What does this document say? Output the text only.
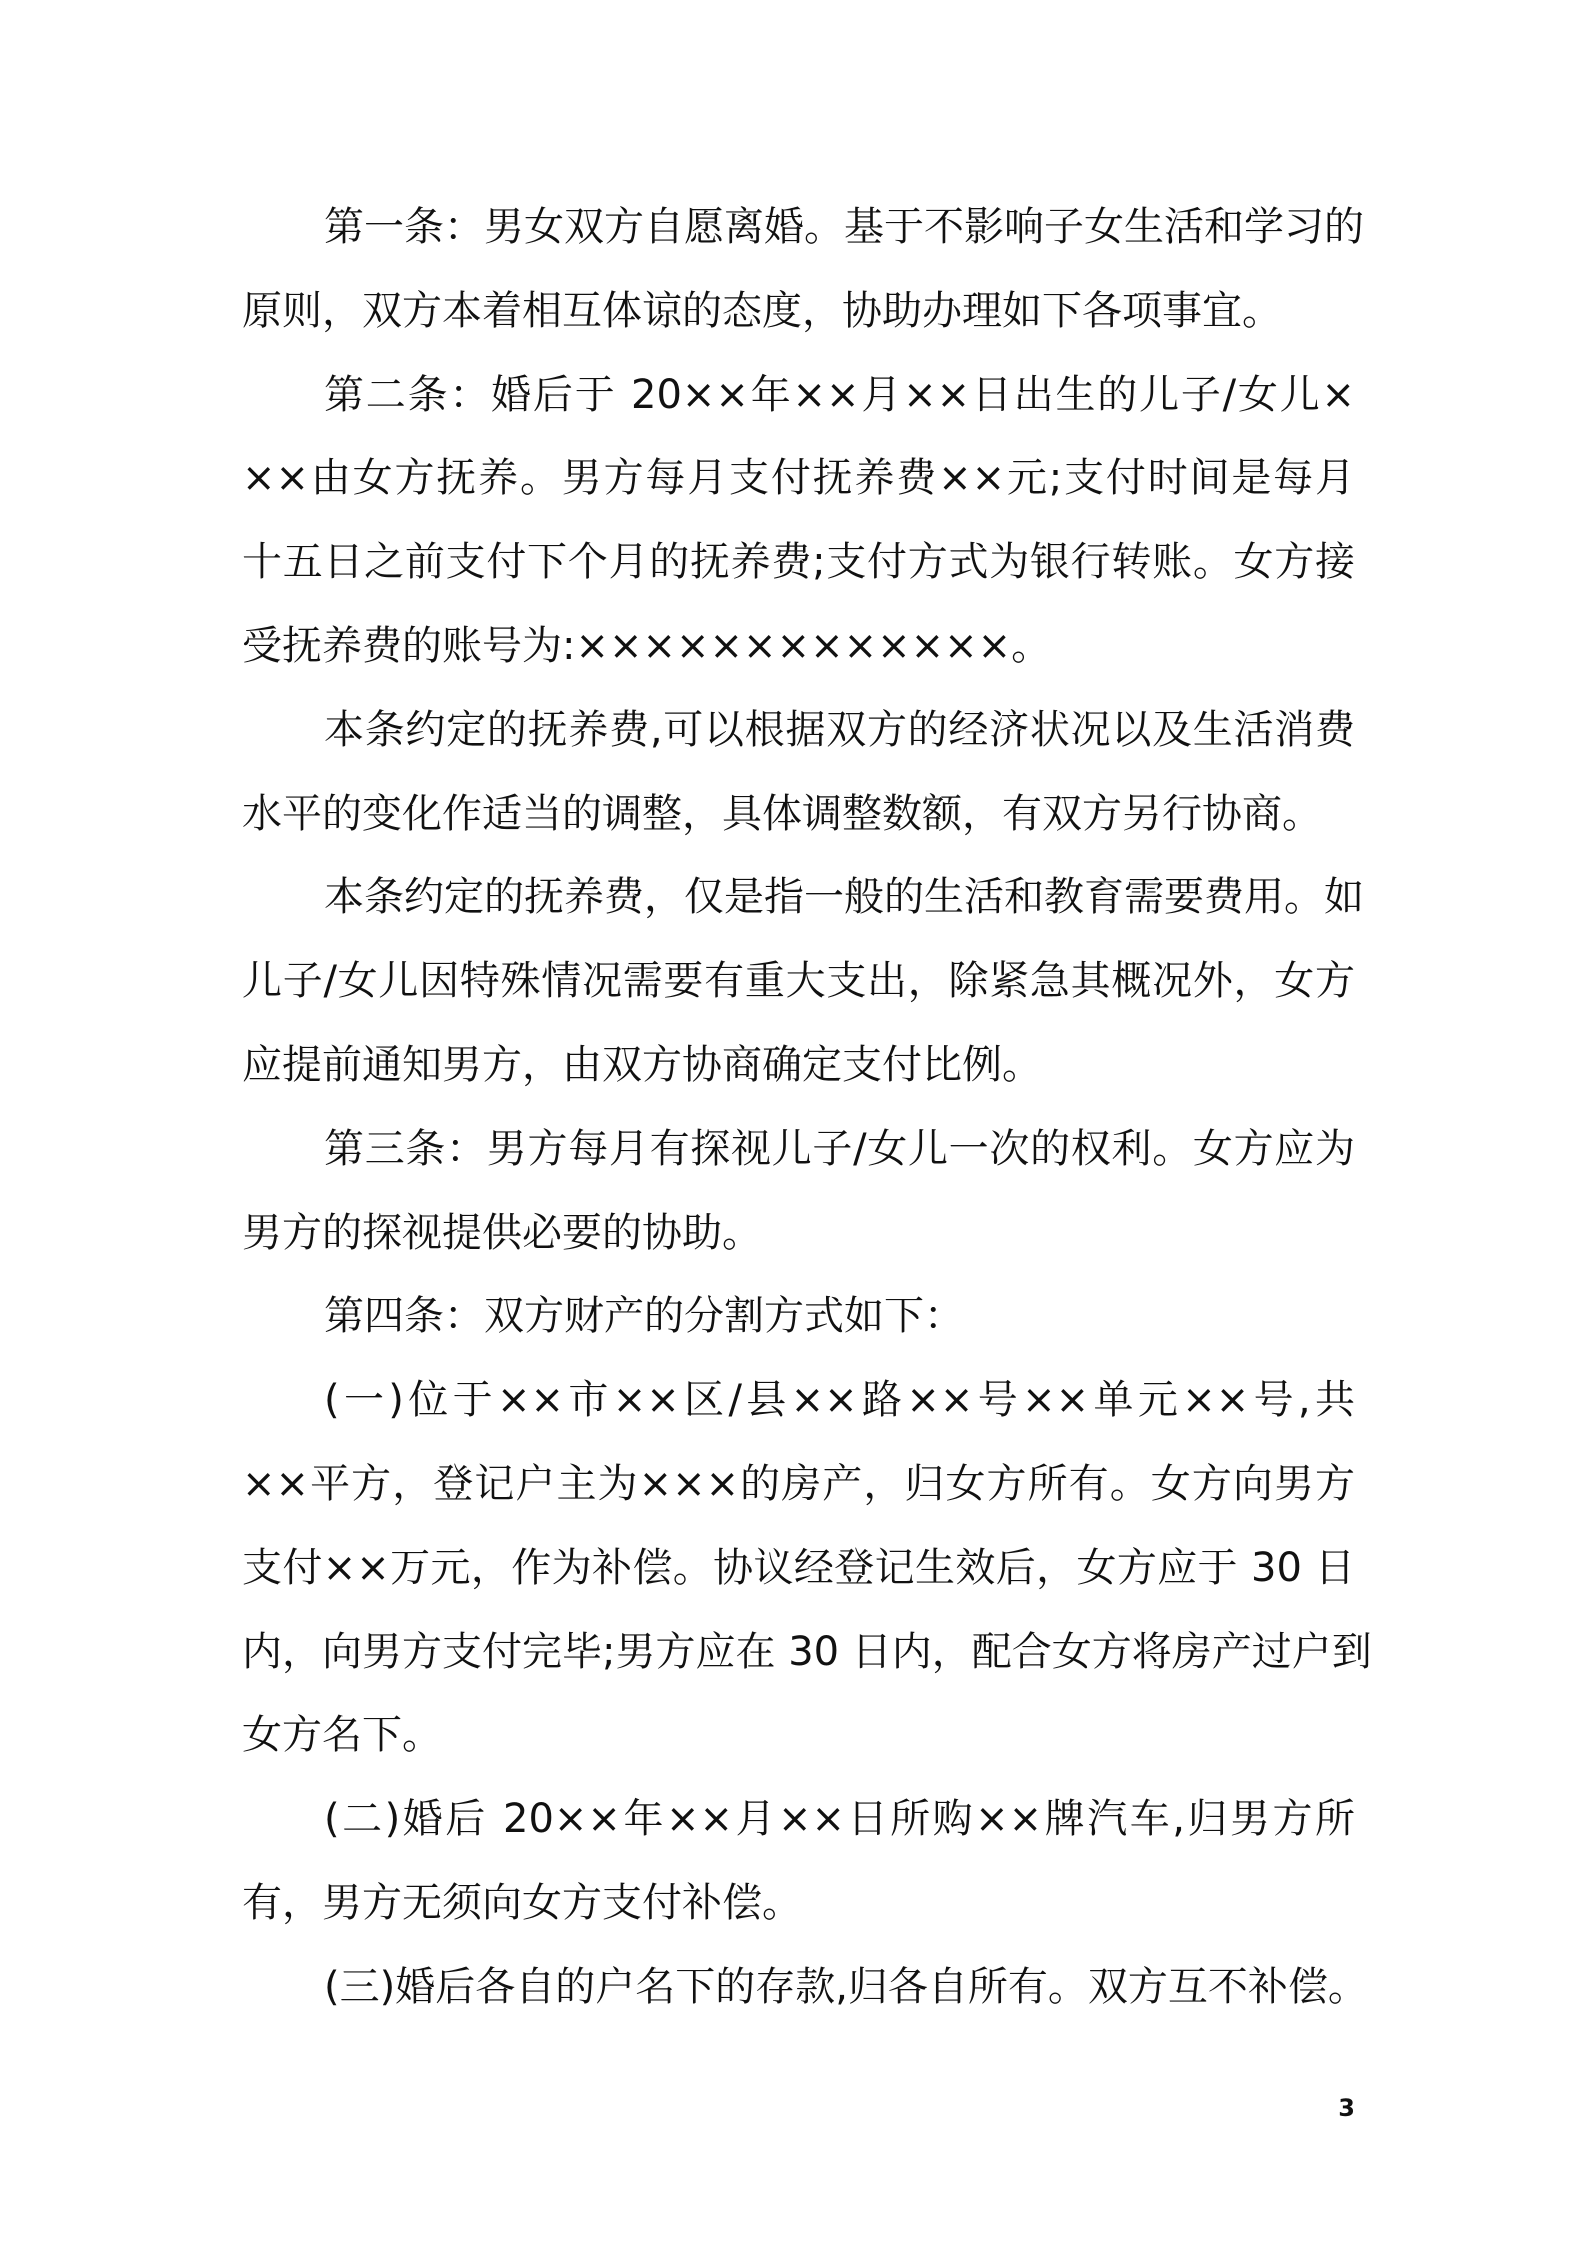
第一条：男女双方自愿离婚。基于不影响子女生活和学习的
原则，双方本着相互体谅的态度，协助办理如下各项事宜。
第二条：婚后于 20××年××月××日出生的儿子/女儿×
××由女方抚养。男方每月支付抚养费××元;支付时间是每月
十五日之前支付下个月的抚养费;支付方式为银行转账。女方接
受抚养费的账号为:×××××××××××××。
本条约定的抚养费,可以根据双方的经济状况以及生活消费
水平的变化作适当的调整，具体调整数额，有双方另行协商。
本条约定的抚养费，仅是指一般的生活和教育需要费用。如
儿子/女儿因特殊情况需要有重大支出，除紧急其概况外，女方
应提前通知男方，由双方协商确定支付比例。
第三条：男方每月有探视儿子/女儿一次的权利。女方应为
男方的探视提供必要的协助。
第四条：双方财产的分割方式如下：
(一)位于××市××区/县××路××号××单元××号,共
××平方，登记户主为×××的房产，归女方所有。女方向男方
支付××万元，作为补偿。协议经登记生效后，女方应于 30 日
内，向男方支付完毕;男方应在 30 日内，配合女方将房产过户到
女方名下。
(二)婚后 20××年××月××日所购××牌汽车,归男方所
有，男方无须向女方支付补偿。
(三)婚后各自的户名下的存款,归各自所有。双方互不补偿。
3
